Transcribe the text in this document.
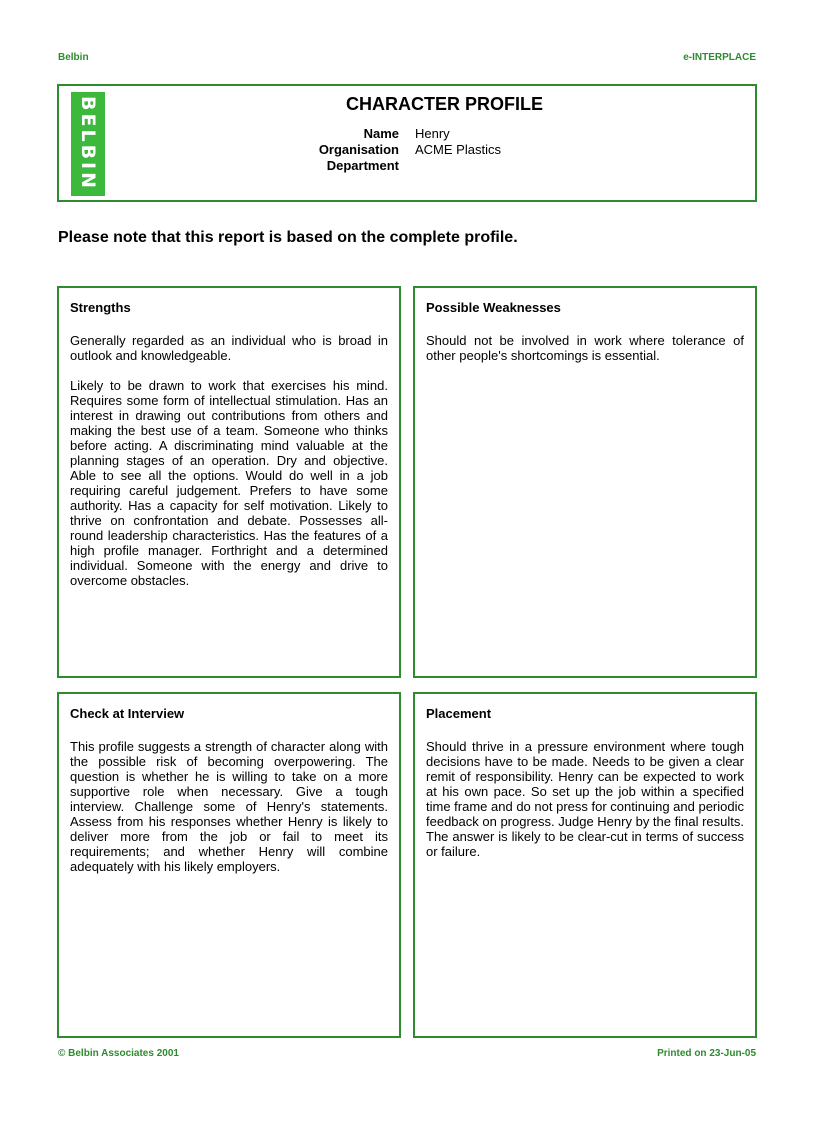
Belbin	e-INTERPLACE
BELBIN	CHARACTER PROFILE
Name	Henry
Organisation	ACME Plastics
Department
Please note that this report is based on the complete profile.
Strengths

Generally regarded as an individual who is broad in outlook and knowledgeable.

Likely to be drawn to work that exercises his mind. Requires some form of intellectual stimulation. Has an interest in drawing out contributions from others and making the best use of a team. Someone who thinks before acting. A discriminating mind valuable at the planning stages of an operation. Dry and objective. Able to see all the options. Would do well in a job requiring careful judgement. Prefers to have some authority. Has a capacity for self motivation. Likely to thrive on confrontation and debate. Possesses all-round leadership characteristics. Has the features of a high profile manager. Forthright and a determined individual. Someone with the energy and drive to overcome obstacles.

Possible Weaknesses

Should not be involved in work where tolerance of other people's shortcomings is essential.

Check at Interview

This profile suggests a strength of character along with the possible risk of becoming overpowering. The question is whether he is willing to take on a more supportive role when necessary. Give a tough interview. Challenge some of Henry's statements. Assess from his responses whether Henry is likely to deliver more from the job or fail to meet its requirements; and whether Henry will combine adequately with his likely employers.

Placement

Should thrive in a pressure environment where tough decisions have to be made. Needs to be given a clear remit of responsibility. Henry can be expected to work at his own pace. So set up the job within a specified time frame and do not press for continuing and periodic feedback on progress. Judge Henry by the final results. The answer is likely to be clear-cut in terms of success or failure.

© Belbin Associates 2001	Printed on 23-Jun-05
